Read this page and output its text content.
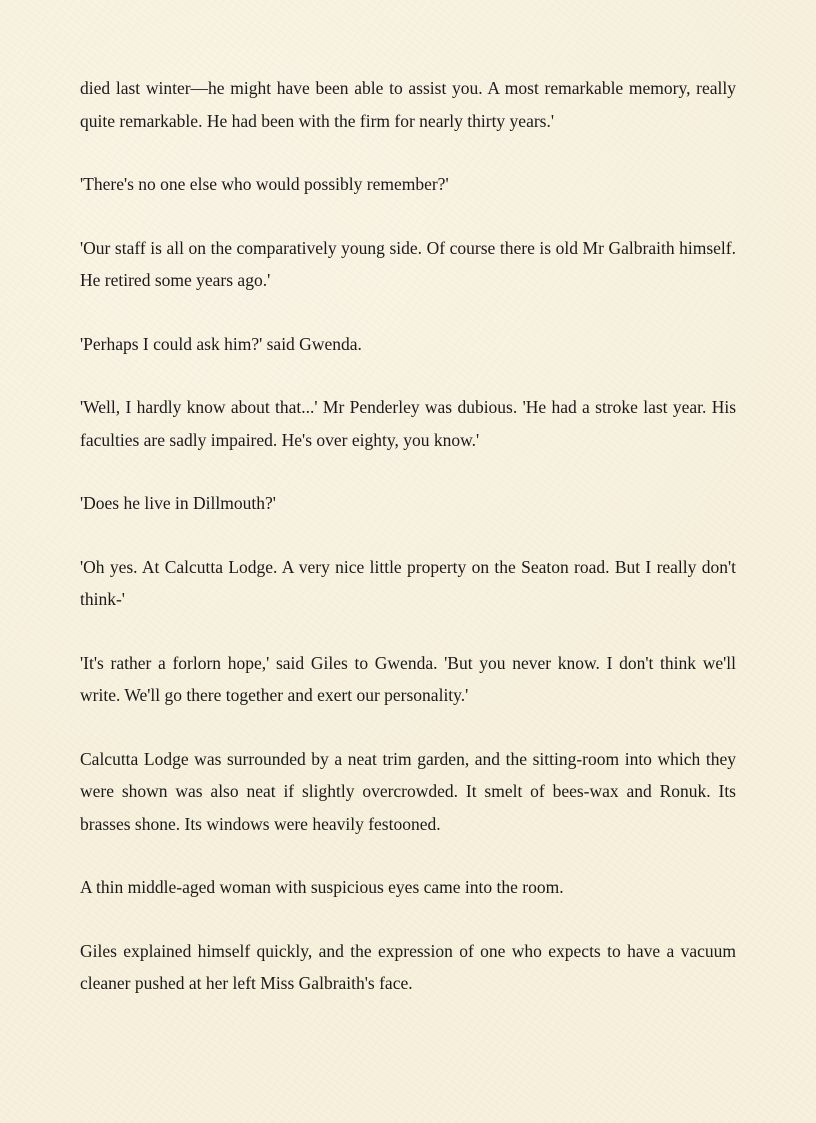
died last winter—he might have been able to assist you. A most remarkable memory, really quite remarkable. He had been with the firm for nearly thirty years.'

'There's no one else who would possibly remember?'

'Our staff is all on the comparatively young side. Of course there is old Mr Galbraith himself. He retired some years ago.'

'Perhaps I could ask him?' said Gwenda.

'Well, I hardly know about that...' Mr Penderley was dubious. 'He had a stroke last year. His faculties are sadly impaired. He's over eighty, you know.'

'Does he live in Dillmouth?'

'Oh yes. At Calcutta Lodge. A very nice little property on the Seaton road. But I really don't think-'

'It's rather a forlorn hope,' said Giles to Gwenda. 'But you never know. I don't think we'll write. We'll go there together and exert our personality.'

Calcutta Lodge was surrounded by a neat trim garden, and the sitting-room into which they were shown was also neat if slightly overcrowded. It smelt of bees-wax and Ronuk. Its brasses shone. Its windows were heavily festooned.

A thin middle-aged woman with suspicious eyes came into the room.

Giles explained himself quickly, and the expression of one who expects to have a vacuum cleaner pushed at her left Miss Galbraith's face.
